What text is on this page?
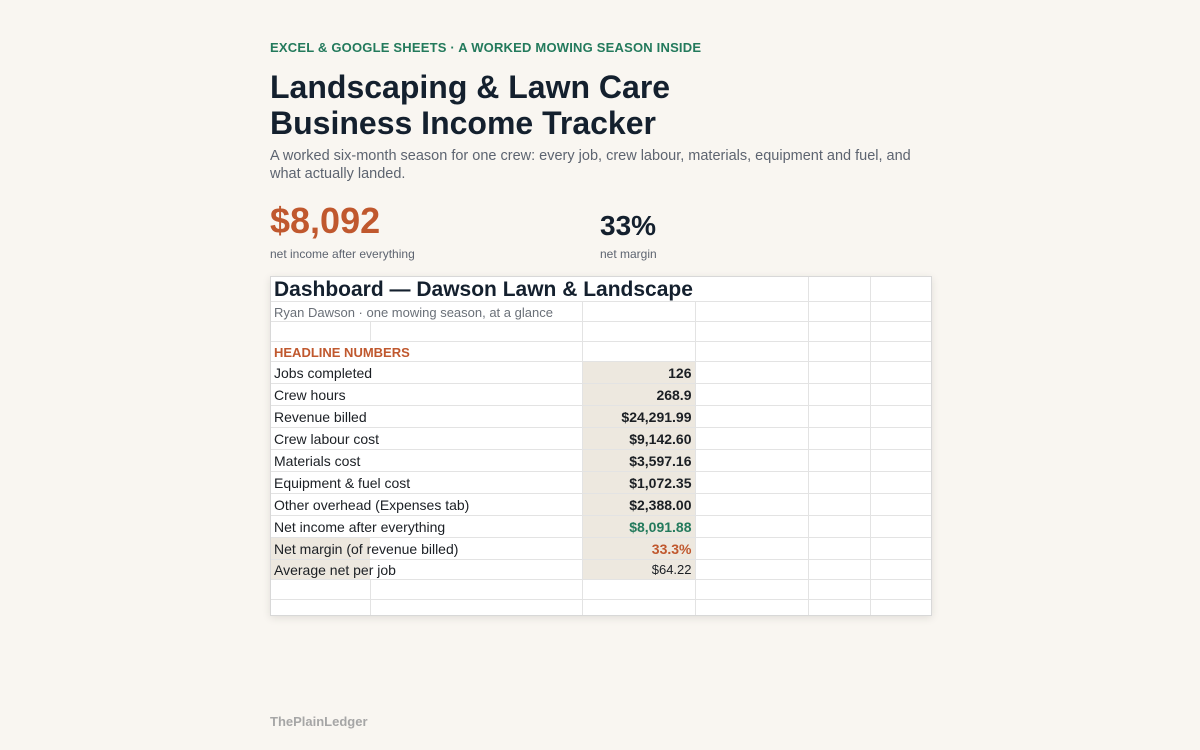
EXCEL & GOOGLE SHEETS · A WORKED MOWING SEASON INSIDE
Landscaping & Lawn Care
Business Income Tracker

A worked six-month season for one crew: every job, crew labour, materials, equipment and fuel, and what actually landed.

$8,092
net income after everything
33%
net margin
Dashboard — Dawson Lawn & Landscape					
Ryan Dawson · one mowing season, at a glance					

HEADLINE NUMBERS					
Jobs completed		126			
Crew hours		268.9			
Revenue billed		$24,291.99			
Crew labour cost		$9,142.60			
Materials cost		$3,597.16			
Equipment & fuel cost		$1,072.35			
Other overhead (Expenses tab)		$2,388.00			
Net income after everything		$8,091.88			
Net margin (of revenue billed)		33.3%			
Average net per job		$64.22			

ThePlainLedger
